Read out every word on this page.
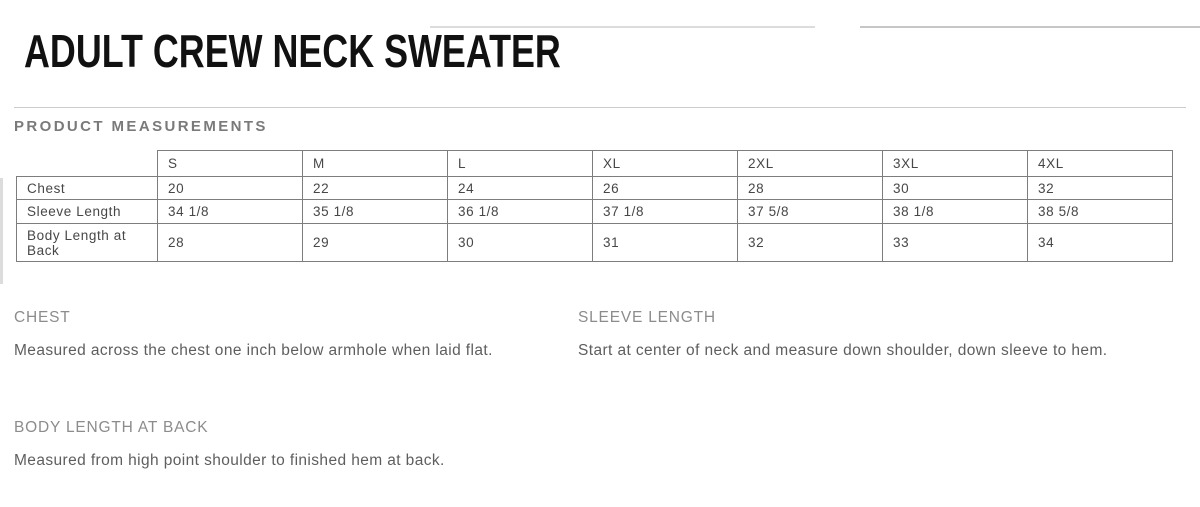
ADULT CREW NECK SWEATER
PRODUCT MEASUREMENTS
	S	M	L	XL	2XL	3XL	4XL
Chest	20	22	24	26	28	30	32
Sleeve Length	34 1/8	35 1/8	36 1/8	37 1/8	37 5/8	38 1/8	38 5/8
Body Length at Back	28	29	30	31	32	33	34
CHEST
Measured across the chest one inch below armhole when laid flat.
SLEEVE LENGTH
Start at center of neck and measure down shoulder, down sleeve to hem.
BODY LENGTH AT BACK
Measured from high point shoulder to finished hem at back.
